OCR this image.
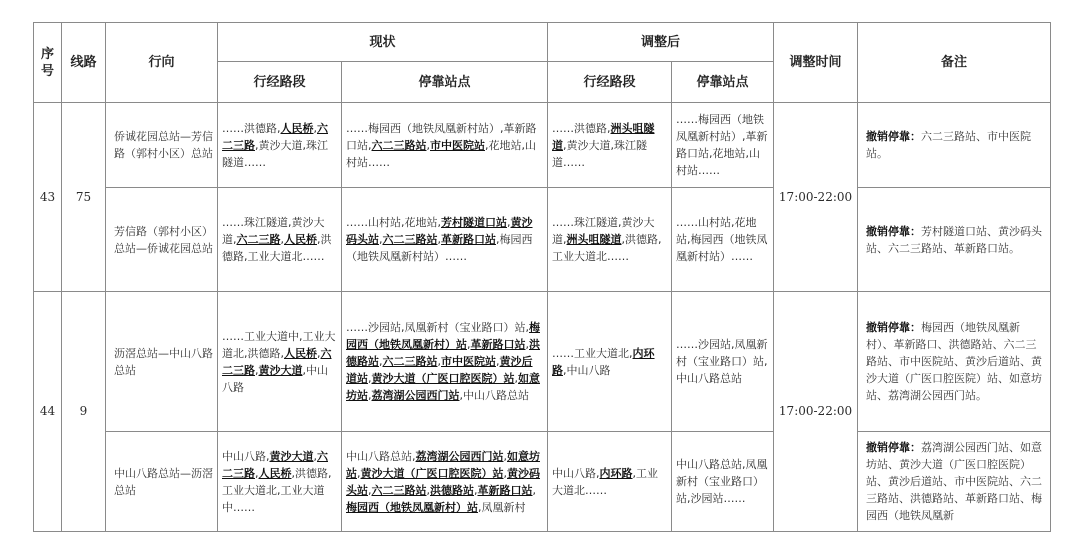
序号	线路	行向	现状		调整后		调整时间	备注
			行经路段	停靠站点	行经路段	停靠站点		
43	75	侨诚花园总站—芳信路（郭村小区）总站	……洪德路,人民桥,六二三路,黄沙大道,珠江隧道……	……梅园西（地铁凤凰新村站）,革新路口站,六二三路站,市中医院站,花地站,山村站……	……洪德路,洲头咀隧道,黄沙大道,珠江隧道……	……梅园西（地铁凤凰新村站）,革新路口站,花地站,山村站……	17:00-22:00	撤销停靠：六二三路站、市中医院站。
		芳信路（郭村小区）总站—侨诚花园总站	……珠江隧道,黄沙大道,六二三路,人民桥,洪德路,工业大道北……	……山村站,花地站,芳村隧道口站,黄沙码头站,六二三路站,革新路口站,梅园西（地铁凤凰新村站）……	……珠江隧道,黄沙大道,洲头咀隧道,洪德路,工业大道北……	……山村站,花地站,梅园西（地铁凤凰新村站）……		撤销停靠：芳村隧道口站、黄沙码头站、六二三路站、革新路口站。
44	9	沥滘总站—中山八路总站	……工业大道中,工业大道北,洪德路,人民桥,六二三路,黄沙大道,中山八路	……沙园站,凤凰新村（宝业路口）站,梅园西（地铁凤凰新村）站,革新路口站,洪德路站,六二三路站,市中医院站,黄沙后道站,黄沙大道（广医口腔医院）站,如意坊站,荔湾湖公园西门站,中山八路总站	……工业大道北,内环路,中山八路	……沙园站,凤凰新村（宝业路口）站,中山八路总站	17:00-22:00	撤销停靠：梅园西（地铁凤凰新村）、革新路口、洪德路站、六二三路站、市中医院站、黄沙后道站、黄沙大道（广医口腔医院）站、如意坊站、荔湾湖公园西门站。

		中山八路总站—沥滘总站	中山八路,黄沙大道,六二三路,人民桥,洪德路,工业大道北,工业大道中……	中山八路总站,荔湾湖公园西门站,如意坊站,黄沙大道（广医口腔医院）站,黄沙码头站,六二三路站,洪德路站,革新路口站,梅园西（地铁凤凰新村）站,凤凰新村	中山八路,内环路,工业大道北……	中山八路总站,凤凰新村（宝业路口）站,沙园站……		撤销停靠：荔湾湖公园西门站、如意坊站、黄沙大道（广医口腔医院）站、黄沙后道站、市中医院站、六二三路站、洪德路站、革新路口站、梅园西（地铁凤凰新
